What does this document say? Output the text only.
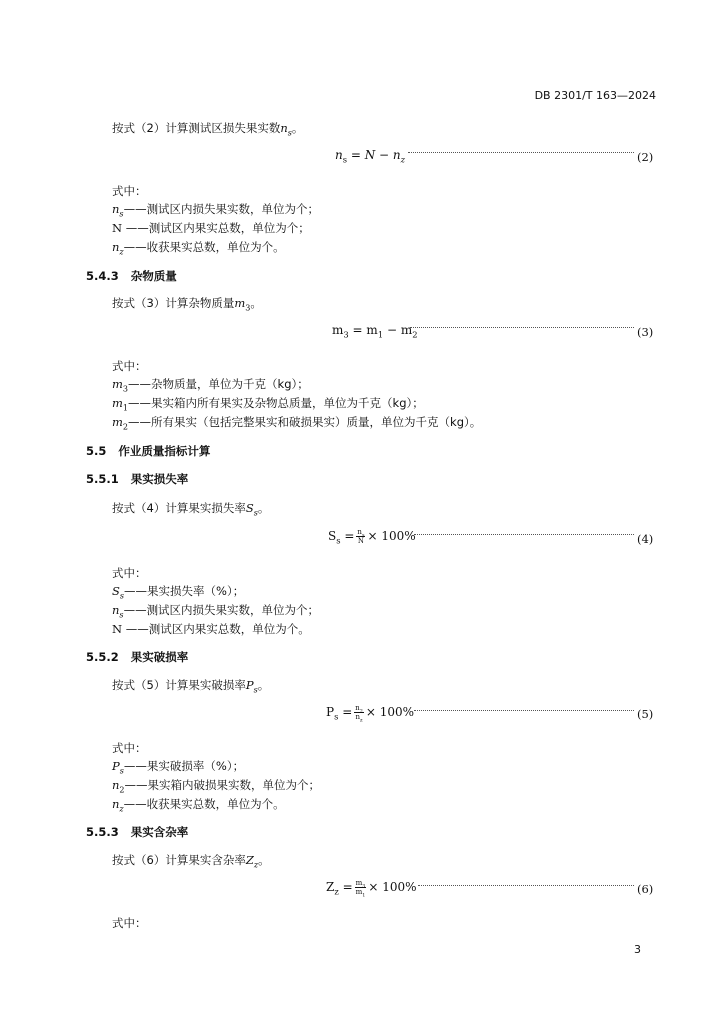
DB 2301/T 163—2024
按式（2）计算测试区损失果实数$n_s$。
$n_s = N - n_z$	(2)
式中：
$n_s——$测试区内损失果实数，单位为个；
N ——测试区内果实总数，单位为个；
$n_z——$收获果实总数，单位为个。
5.4.3 杂物质量
按式（3）计算杂物质量$m_3$。
$m_3 = m_1 - m_2$	(3)
式中：
$m_3——$杂物质量，单位为千克（kg）；
$m_1——$果实箱内所有果实及杂物总质量，单位为千克（kg）；
$m_2——$所有果实（包括完整果实和破损果实）质量，单位为千克（kg）。
5.5 作业质量指标计算
5.5.1 果实损失率
按式（4）计算果实损失率$S_s$。
$S_s = \frac{n_s}{N} \times 100\%$	(4)
式中：
$S_s——$果实损失率（%）；
$n_s——$测试区内损失果实数，单位为个；
N ——测试区内果实总数，单位为个。
5.5.2 果实破损率
按式（5）计算果实破损率$P_s$。
$P_s = \frac{n_2}{n_z} \times 100\%$	(5)
式中：
$P_s——$果实破损率（%）；
$n_2——$果实箱内破损果实数，单位为个；
$n_z——$收获果实总数，单位为个。
5.5.3 果实含杂率
按式（6）计算果实含杂率$Z_z$。
$Z_z = \frac{m_3}{m_1} \times 100\%$	(6)
式中：
3
